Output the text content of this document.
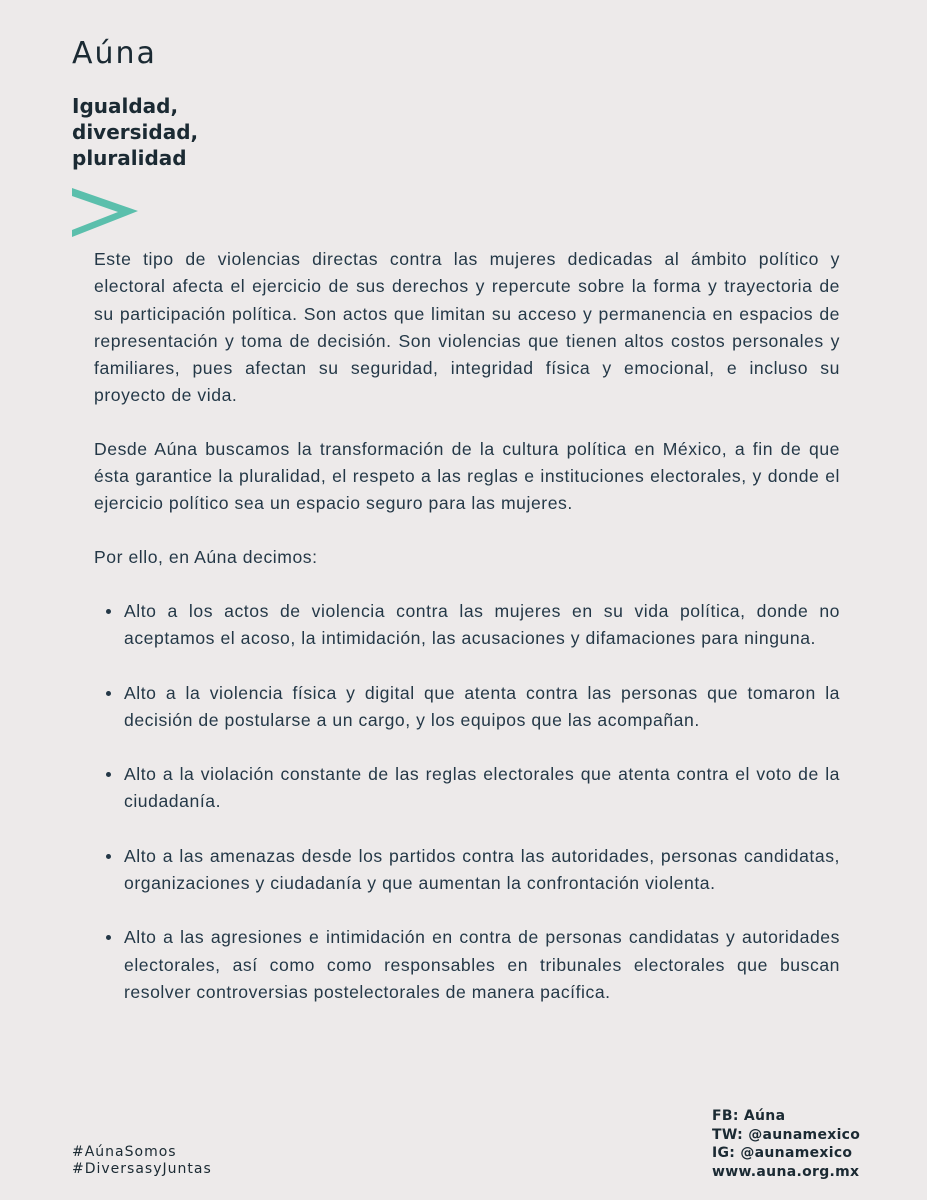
Aúna
Igualdad,
diversidad,
pluralidad

Este tipo de violencias directas contra las mujeres dedicadas al ámbito político y electoral afecta el ejercicio de sus derechos y repercute sobre la forma y trayectoria de su participación política. Son actos que limitan su acceso y permanencia en espacios de representación y toma de decisión. Son violencias que tienen altos costos personales y familiares, pues afectan su seguridad, integridad física y emocional, e incluso su proyecto de vida.

Desde Aúna buscamos la transformación de la cultura política en México, a fin de que ésta garantice la pluralidad, el respeto a las reglas e instituciones electorales, y donde el ejercicio político sea un espacio seguro para las mujeres.

Por ello, en Aúna decimos:

Alto a los actos de violencia contra las mujeres en su vida política, donde no aceptamos el acoso, la intimidación, las acusaciones y difamaciones para ninguna.
Alto a la violencia física y digital que atenta contra las personas que tomaron la decisión de postularse a un cargo, y los equipos que las acompañan.
Alto a la violación constante de las reglas electorales que atenta contra el voto de la ciudadanía.
Alto a las amenazas desde los partidos contra las autoridades, personas candidatas, organizaciones y ciudadanía y que aumentan la confrontación violenta.
Alto a las agresiones e intimidación en contra de personas candidatas y autoridades electorales, así como como responsables en tribunales electorales que buscan resolver controversias postelectorales de manera pacífica.
#AúnaSomos
#DiversasyJuntas
FB: Aúna
TW: @aunamexico
IG: @aunamexico
www.auna.org.mx
